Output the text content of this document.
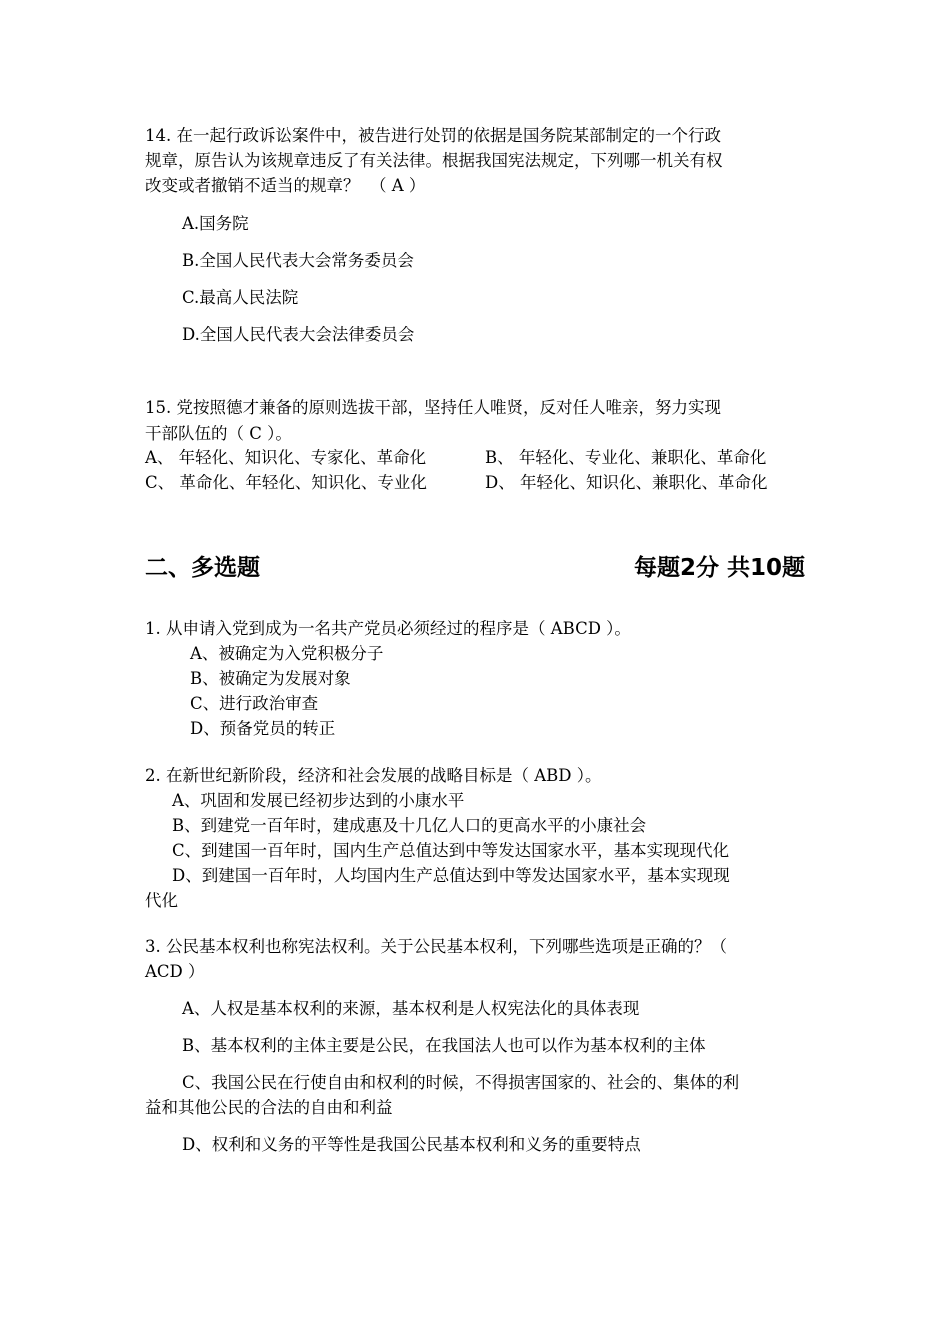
14. 在一起行政诉讼案件中，被告进行处罚的依据是国务院某部制定的一个行政
规章，原告认为该规章违反了有关法律。根据我国宪法规定，下列哪一机关有权
改变或者撤销不适当的规章？  （ A ）
A.国务院
B.全国人民代表大会常务委员会
C.最高人民法院
D.全国人民代表大会法律委员会
15. 党按照德才兼备的原则选拔干部，坚持任人唯贤，反对任人唯亲，努力实现
干部队伍的（ C ）。
A、 年轻化、知识化、专家化、革命化	B、 年轻化、专业化、兼职化、革命化
C、 革命化、年轻化、知识化、专业化	D、 年轻化、知识化、兼职化、革命化
二、多选题	每题2分 共10题
1. 从申请入党到成为一名共产党员必须经过的程序是（ ABCD ）。
A、被确定为入党积极分子
B、被确定为发展对象
C、进行政治审查
D、预备党员的转正
2. 在新世纪新阶段，经济和社会发展的战略目标是（ ABD ）。
A、巩固和发展已经初步达到的小康水平
B、到建党一百年时，建成惠及十几亿人口的更高水平的小康社会
C、到建国一百年时，国内生产总值达到中等发达国家水平，基本实现现代化
D、到建国一百年时，人均国内生产总值达到中等发达国家水平，基本实现现
代化
3. 公民基本权利也称宪法权利。关于公民基本权利，下列哪些选项是正确的？（
ACD ）
A、人权是基本权利的来源，基本权利是人权宪法化的具体表现
B、基本权利的主体主要是公民，在我国法人也可以作为基本权利的主体
C、我国公民在行使自由和权利的时候，不得损害国家的、社会的、集体的利
益和其他公民的合法的自由和利益
D、权利和义务的平等性是我国公民基本权利和义务的重要特点
